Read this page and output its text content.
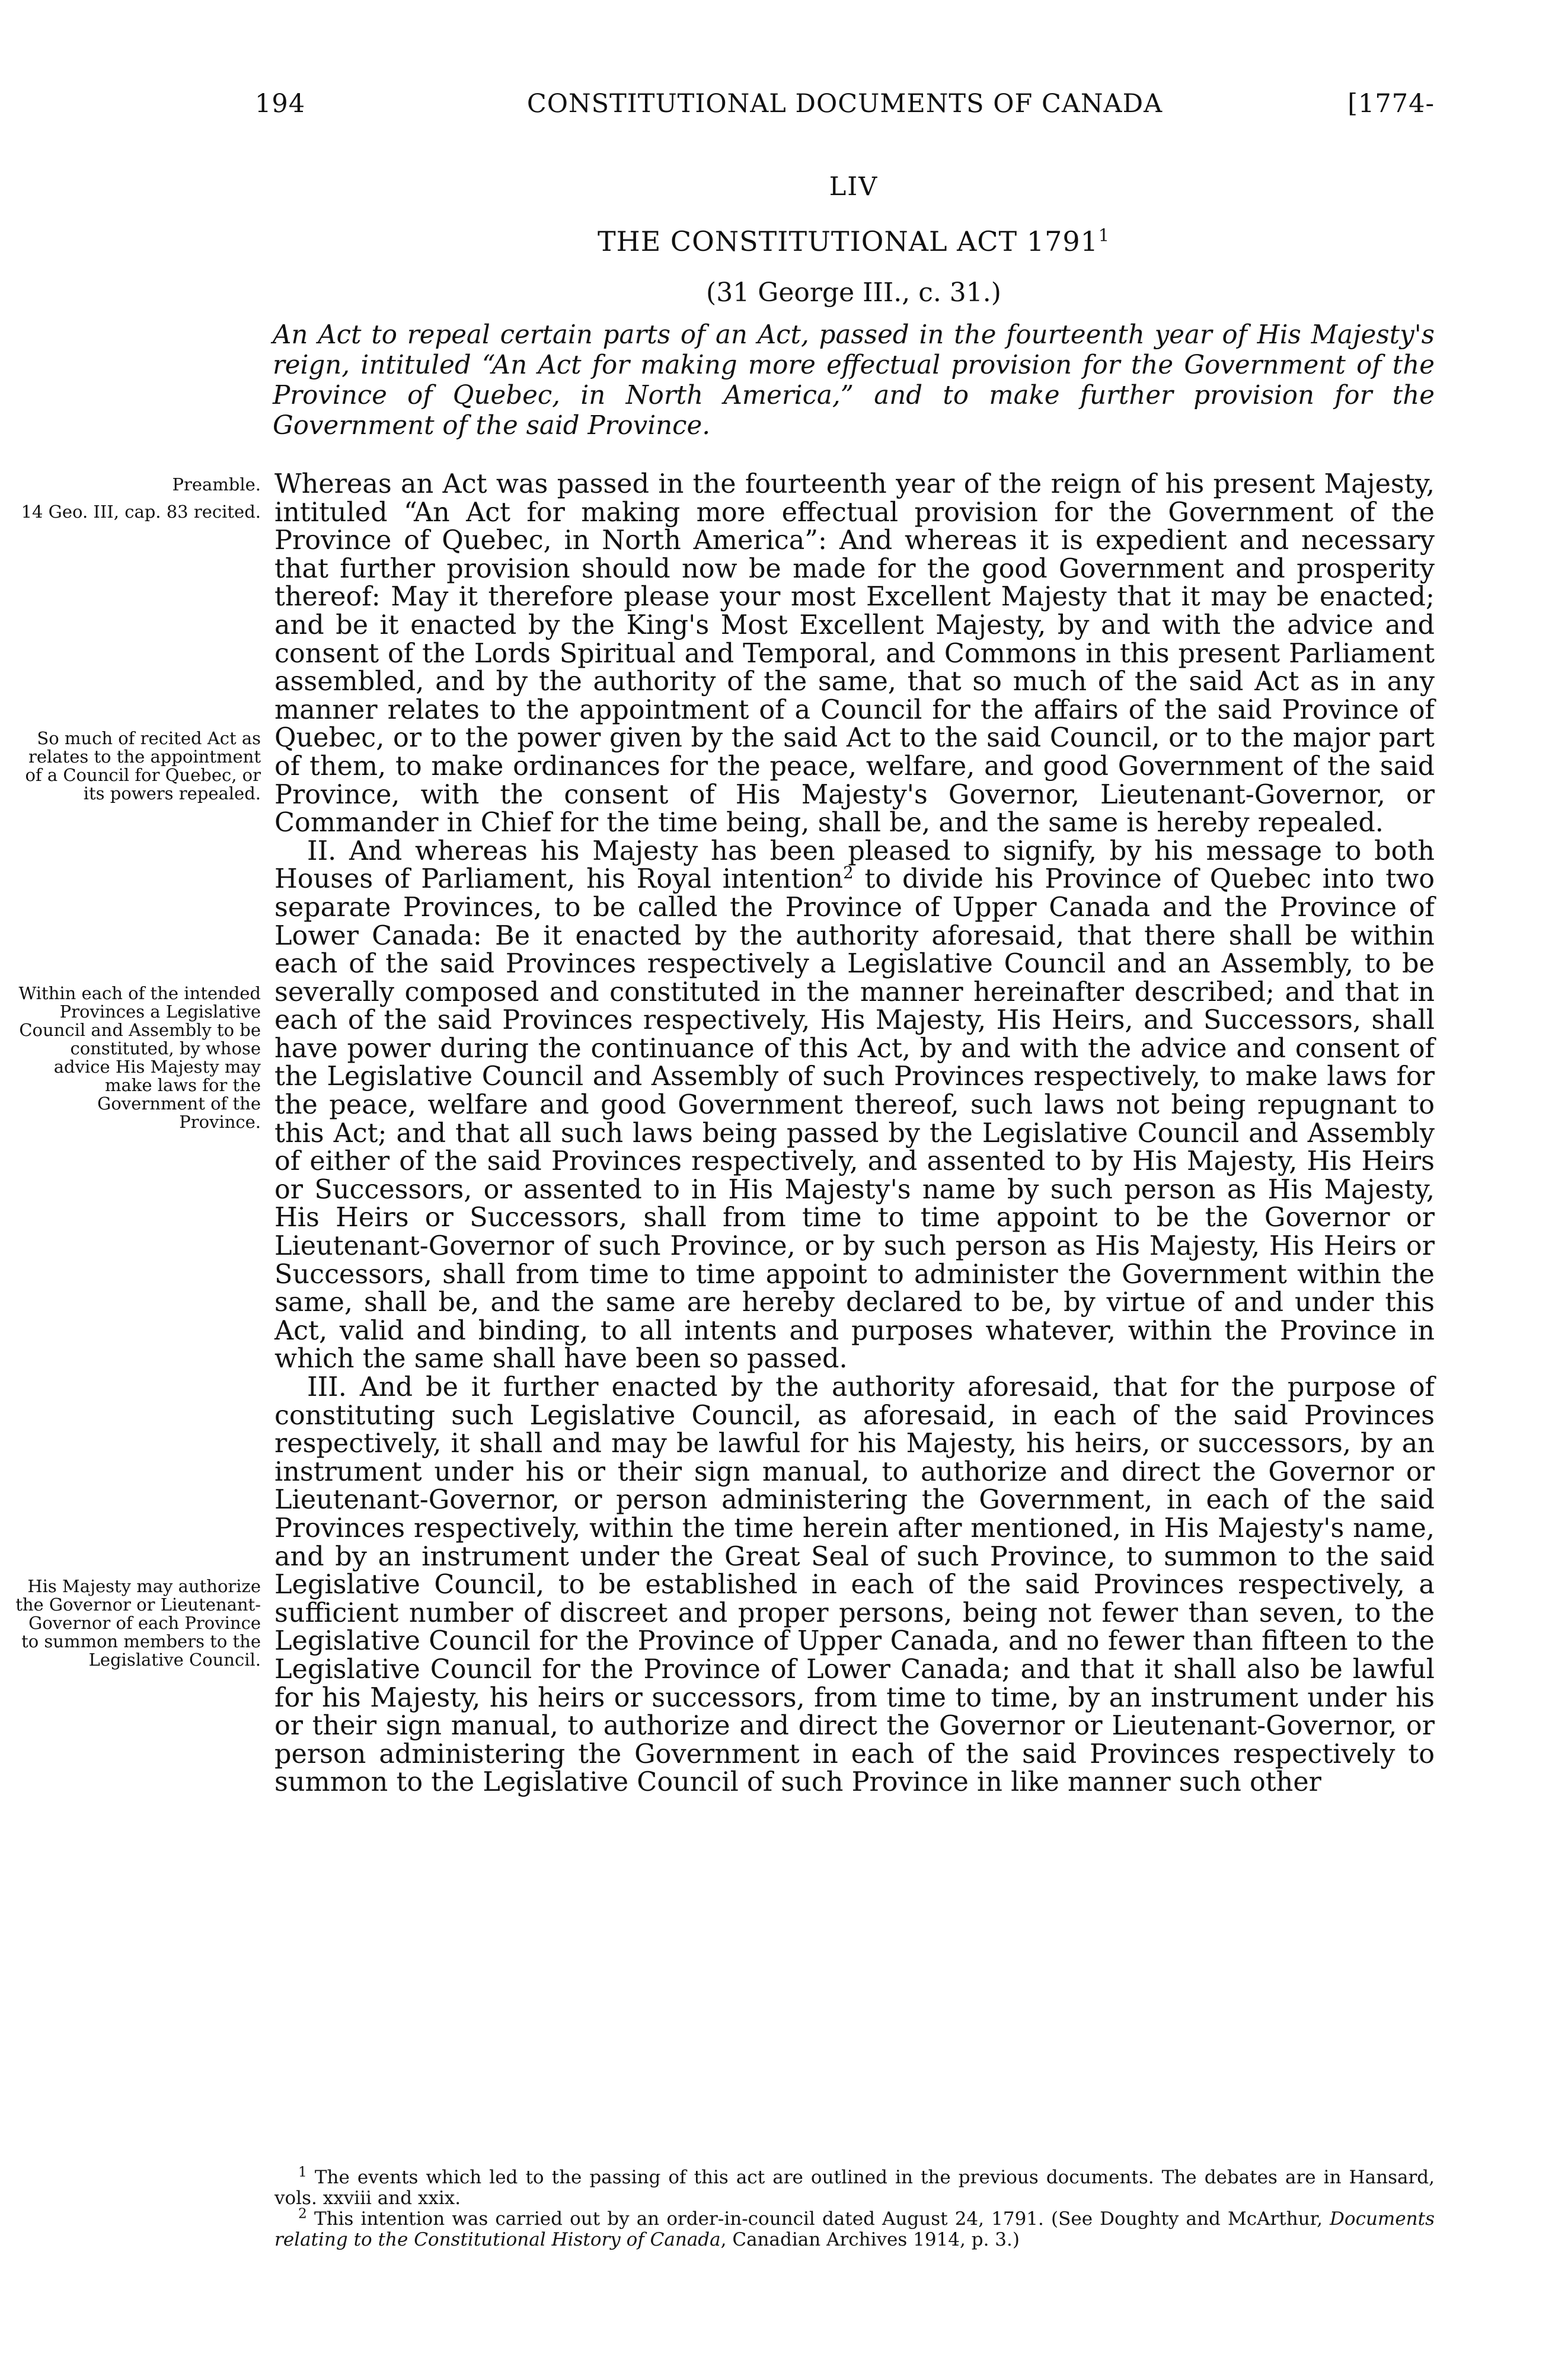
194	CONSTITUTIONAL DOCUMENTS OF CANADA	[1774-
LIV
THE CONSTITUTIONAL ACT 1791$^1$
(31 George III., c. 31.)

An Act to repeal certain parts of an Act, passed in the fourteenth year of His Majesty's reign, intituled “An Act for making more effectual provision for the Government of the Province of Quebec, in North America,” and to make further provision for the Government of the said Province.

Preamble.

14 Geo. III, cap. 83 recited.

So much of recited Act as relates to the appointment of a Council for Quebec, or its powers repealed.

Within each of the intended Provinces a Legislative Council and Assembly to be constituted, by whose advice His Majesty may make laws for the Government of the Province.

His Majesty may authorize the Governor or Lieutenant-Governor of each Province to summon members to the Legislative Council.

Whereas an Act was passed in the fourteenth year of the reign of his present Majesty, intituled “An Act for making more effectual provision for the Government of the Province of Quebec, in North America”: And whereas it is expedient and necessary that further provision should now be made for the good Government and prosperity thereof: May it therefore please your most Excellent Majesty that it may be enacted; and be it enacted by the King's Most Excellent Majesty, by and with the advice and consent of the Lords Spiritual and Temporal, and Commons in this present Parliament assembled, and by the authority of the same, that so much of the said Act as in any manner relates to the appointment of a Council for the affairs of the said Province of Quebec, or to the power given by the said Act to the said Council, or to the major part of them, to make ordinances for the peace, welfare, and good Government of the said Province, with the consent of His Majesty's Governor, Lieutenant-Governor, or Commander in Chief for the time being, shall be, and the same is hereby repealed.

II. And whereas his Majesty has been pleased to signify, by his message to both Houses of Parliament, his Royal intention$^2$ to divide his Province of Quebec into two separate Provinces, to be called the Province of Upper Canada and the Province of Lower Canada: Be it enacted by the authority aforesaid, that there shall be within each of the said Provinces respectively a Legislative Council and an Assembly, to be severally composed and constituted in the manner hereinafter described; and that in each of the said Provinces respectively, His Majesty, His Heirs, and Successors, shall have power during the continuance of this Act, by and with the advice and consent of the Legislative Council and Assembly of such Provinces respectively, to make laws for the peace, welfare and good Government thereof, such laws not being repugnant to this Act; and that all such laws being passed by the Legislative Council and Assembly of either of the said Provinces respectively, and assented to by His Majesty, His Heirs or Successors, or assented to in His Majesty's name by such person as His Majesty, His Heirs or Successors, shall from time to time appoint to be the Governor or Lieutenant-Governor of such Province, or by such person as His Majesty, His Heirs or Successors, shall from time to time appoint to administer the Government within the same, shall be, and the same are hereby declared to be, by virtue of and under this Act, valid and binding, to all intents and purposes whatever, within the Province in which the same shall have been so passed.

III. And be it further enacted by the authority aforesaid, that for the purpose of constituting such Legislative Council, as aforesaid, in each of the said Provinces respectively, it shall and may be lawful for his Majesty, his heirs, or successors, by an instrument under his or their sign manual, to authorize and direct the Governor or Lieutenant-Governor, or person administering the Government, in each of the said Provinces respectively, within the time herein after mentioned, in His Majesty's name, and by an instrument under the Great Seal of such Province, to summon to the said Legislative Council, to be established in each of the said Provinces respectively, a sufficient number of discreet and proper persons, being not fewer than seven, to the Legislative Council for the Province of Upper Canada, and no fewer than fifteen to the Legislative Council for the Province of Lower Canada; and that it shall also be lawful for his Majesty, his heirs or successors, from time to time, by an instrument under his or their sign manual, to authorize and direct the Governor or Lieutenant-Governor, or person administering the Government in each of the said Provinces respectively to summon to the Legislative Council of such Province in like manner such other

$^1$ The events which led to the passing of this act are outlined in the previous documents. The debates are in Hansard, vols. xxviii and xxix.

$^2$ This intention was carried out by an order-in-council dated August 24, 1791. (See Doughty and McArthur, Documents relating to the Constitutional History of Canada, Canadian Archives 1914, p. 3.)
